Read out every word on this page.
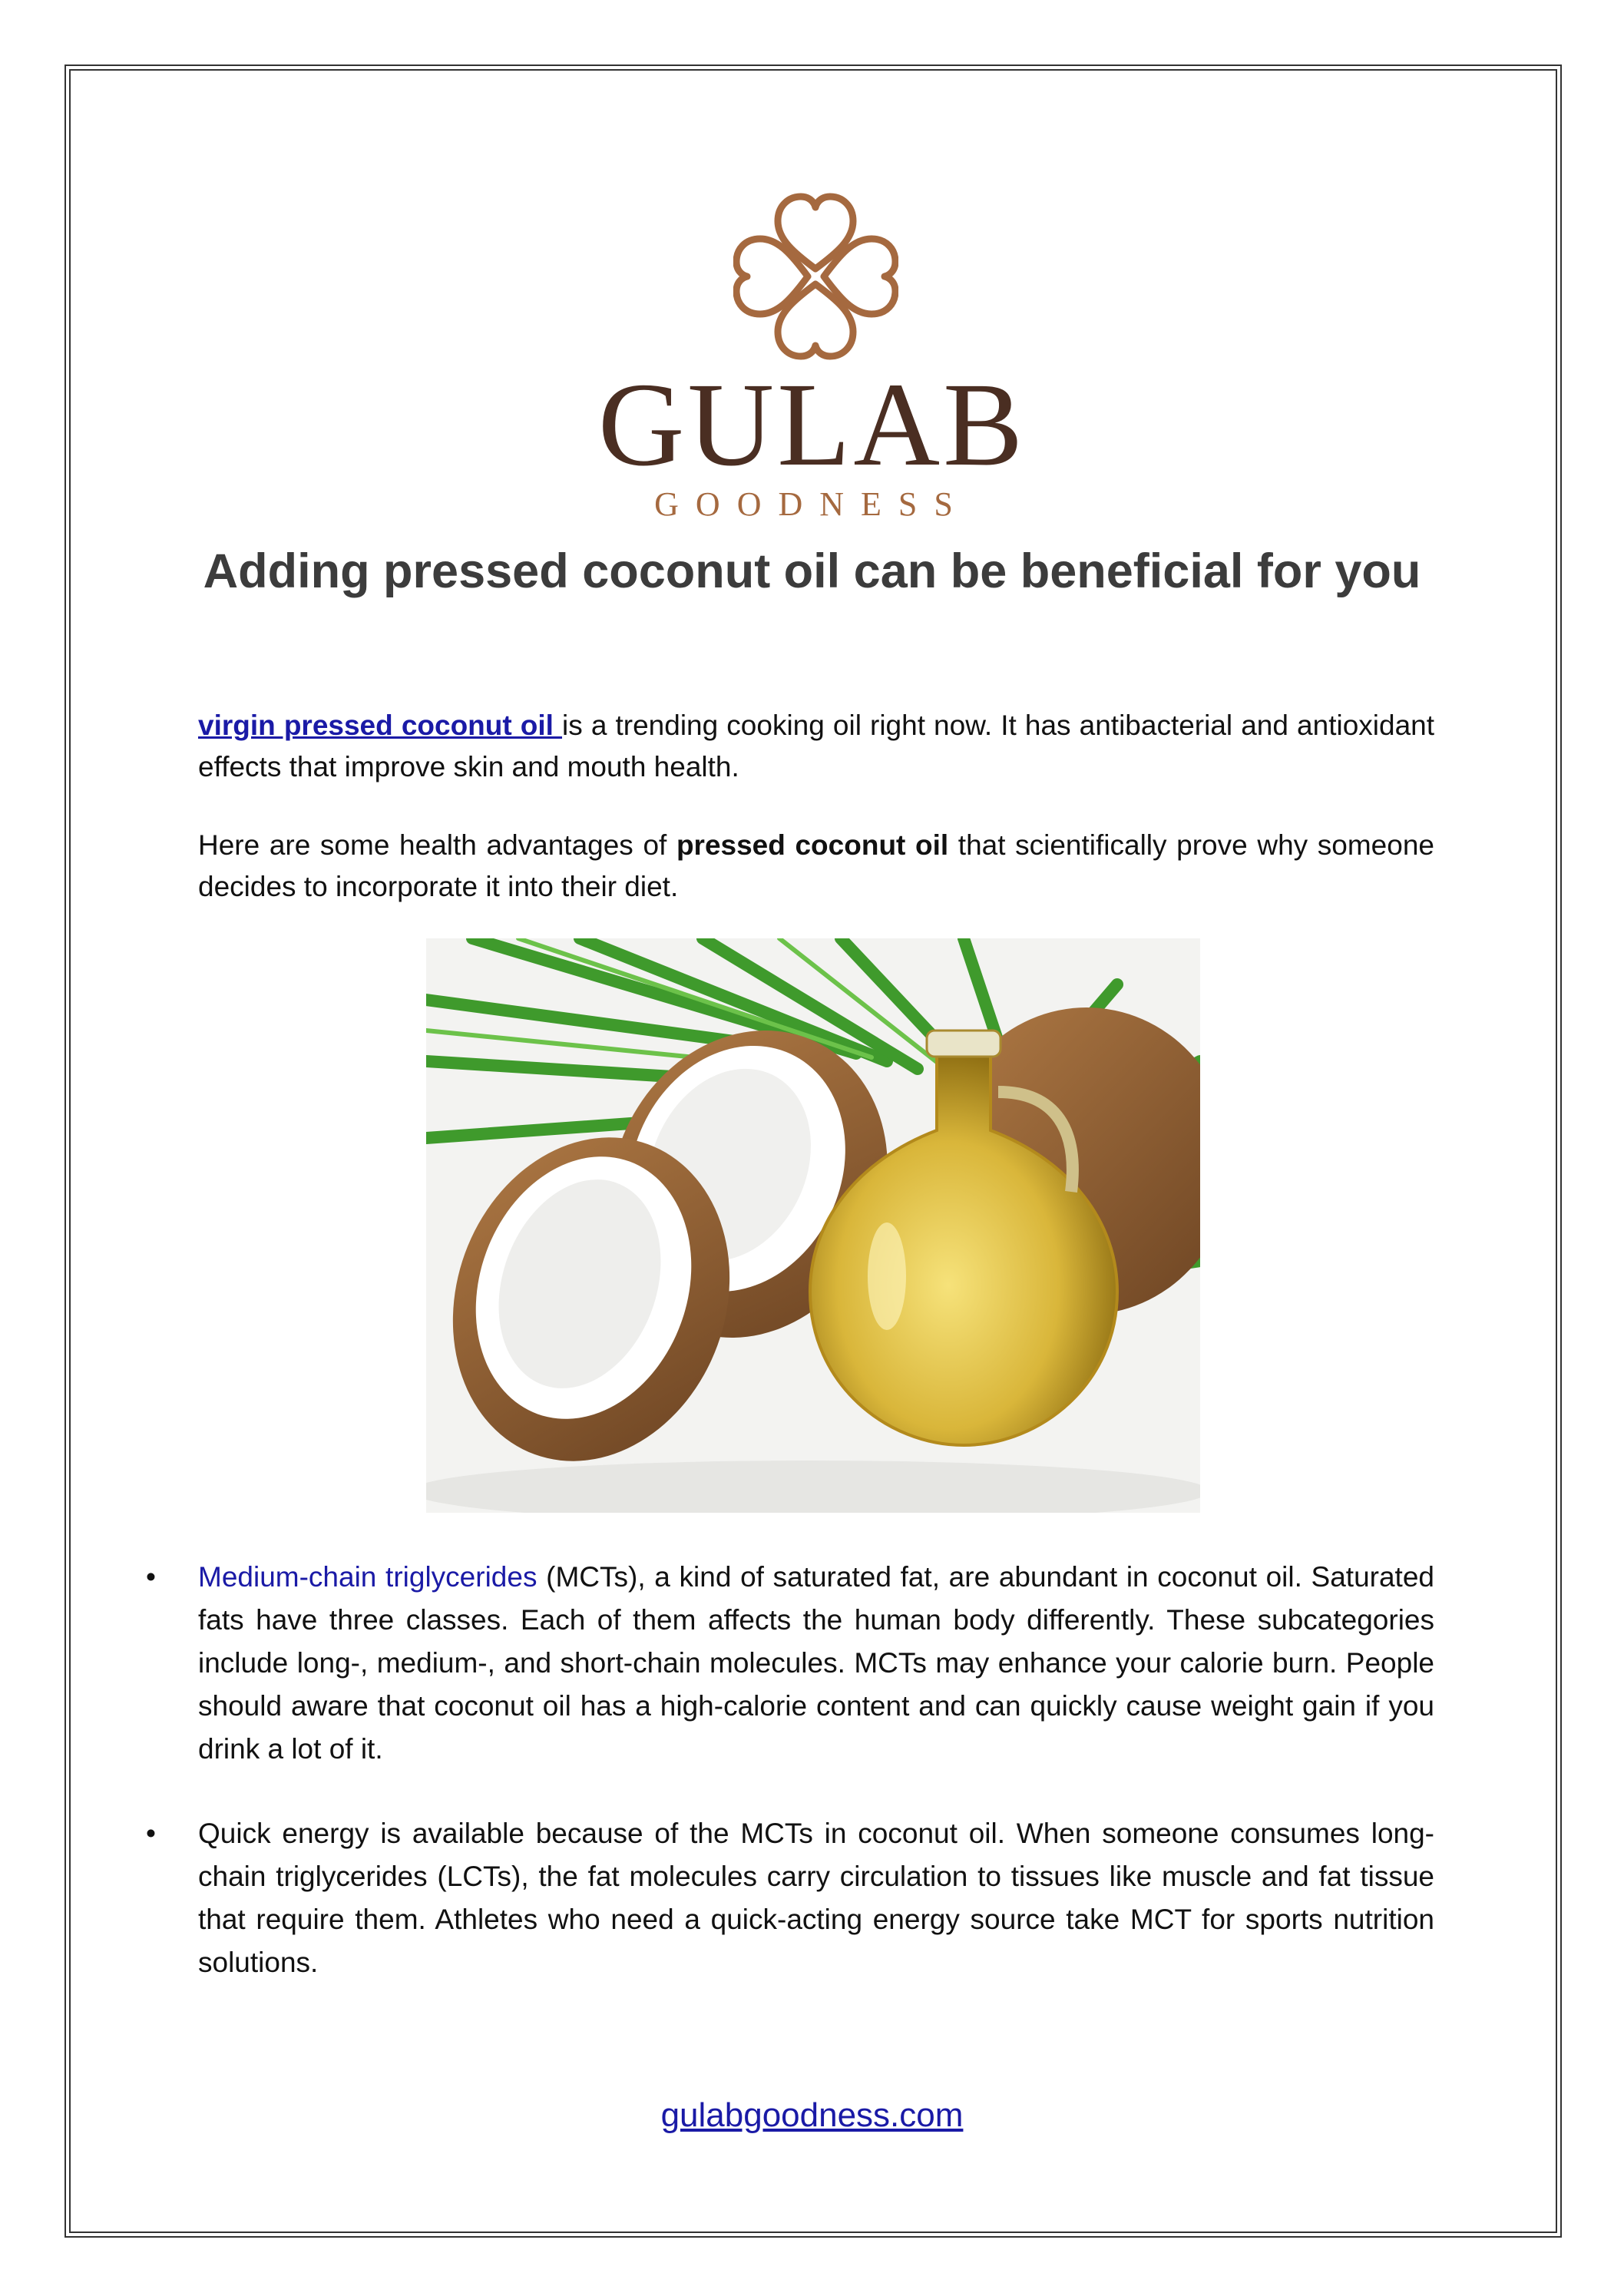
GULAB
GOODNESS
Adding pressed coconut oil can be beneficial for you

virgin pressed coconut oil is a trending cooking oil right now. It has antibacterial and antioxidant effects that improve skin and mouth health.

Here are some health advantages of pressed coconut oil that scientifically prove why someone decides to incorporate it into their diet.

• Medium-chain triglycerides (MCTs), a kind of saturated fat, are abundant in coconut oil. Saturated fats have three classes. Each of them affects the human body differently. These subcategories include long-, medium-, and short-chain molecules. MCTs may enhance your calorie burn. People should aware that coconut oil has a high-calorie content and can quickly cause weight gain if you drink a lot of it.
• Quick energy is available because of the MCTs in coconut oil. When someone consumes long-chain triglycerides (LCTs), the fat molecules carry circulation to tissues like muscle and fat tissue that require them. Athletes who need a quick-acting energy source take MCT for sports nutrition solutions.
gulabgoodness.com
